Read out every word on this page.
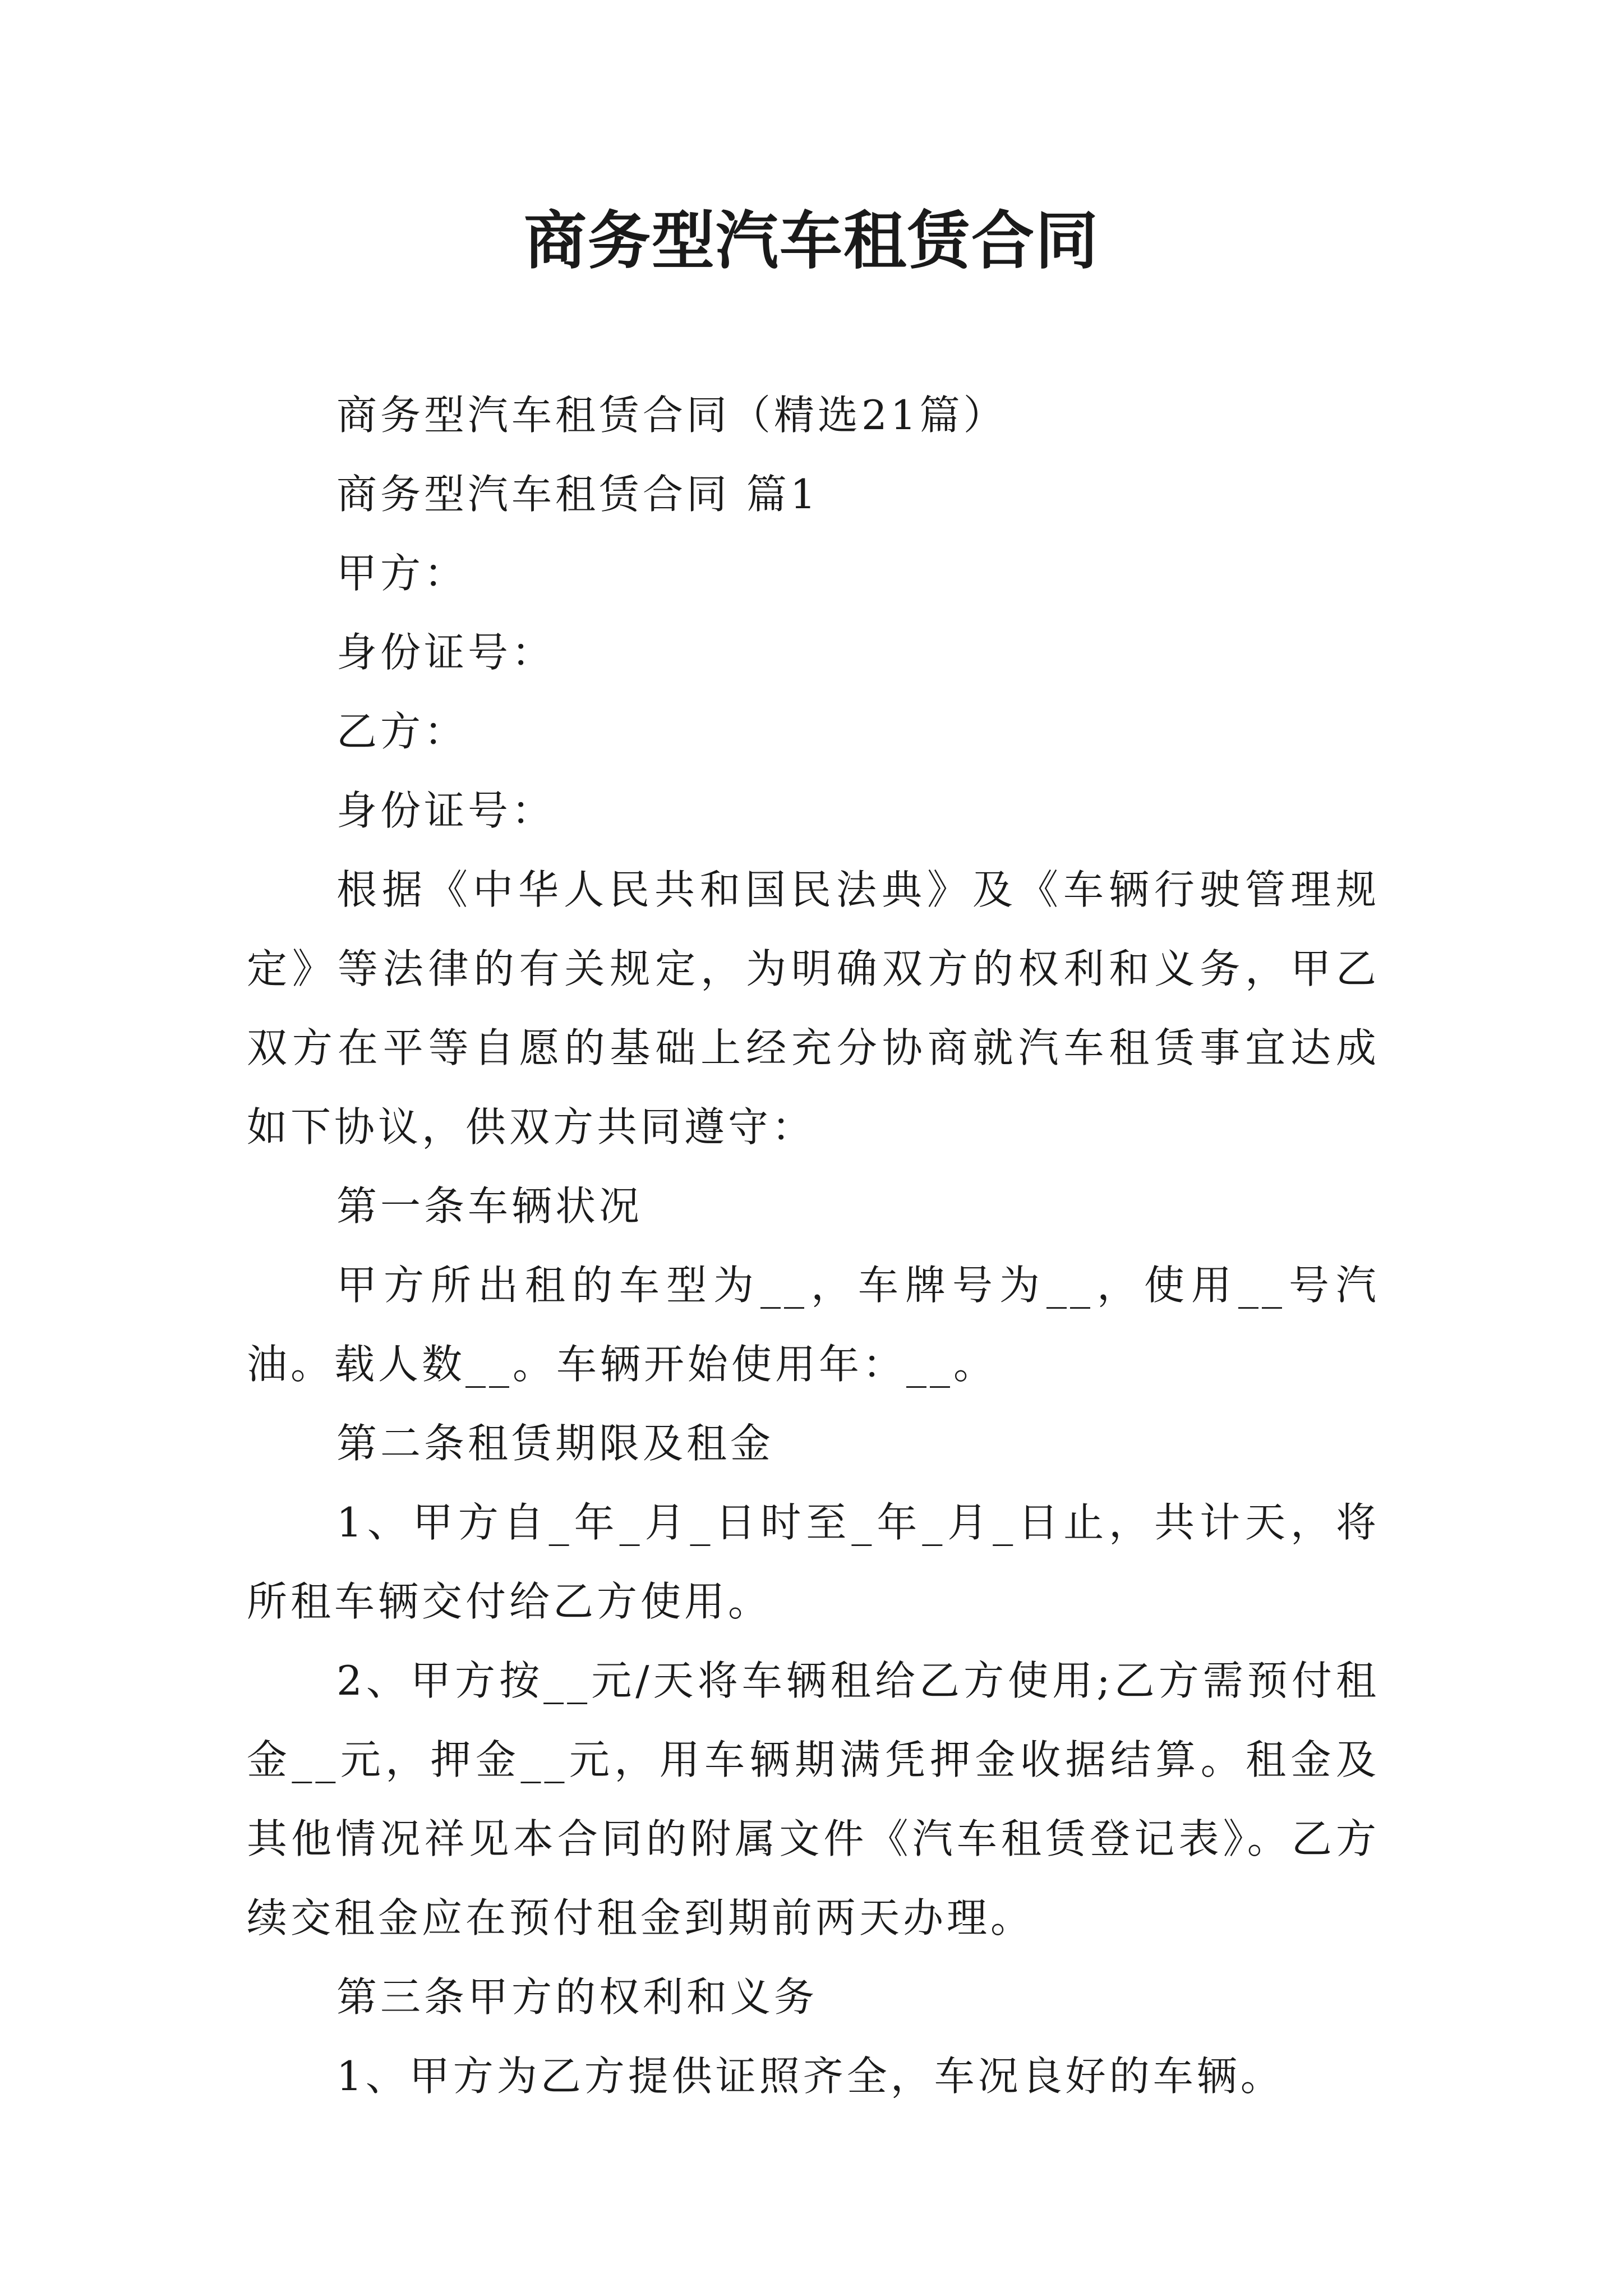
商务型汽车租赁合同

商务型汽车租赁合同（精选21篇）

商务型汽车租赁合同 篇1

甲方：

身份证号：

乙方：

身份证号：

根据《中华人民共和国民法典》及《车辆行驶管理规定》等法律的有关规定，为明确双方的权利和义务，甲乙双方在平等自愿的基础上经充分协商就汽车租赁事宜达成如下协议，供双方共同遵守：

第一条车辆状况

甲方所出租的车型为__，车牌号为__，使用__号汽油。载人数__。车辆开始使用年：__。

第二条租赁期限及租金

1、甲方自_年_月_日时至_年_月_日止，共计天，将所租车辆交付给乙方使用。

2、甲方按__元/天将车辆租给乙方使用;乙方需预付租金__元，押金__元，用车辆期满凭押金收据结算。租金及其他情况祥见本合同的附属文件《汽车租赁登记表》。乙方续交租金应在预付租金到期前两天办理。

第三条甲方的权利和义务

1、甲方为乙方提供证照齐全，车况良好的车辆。
